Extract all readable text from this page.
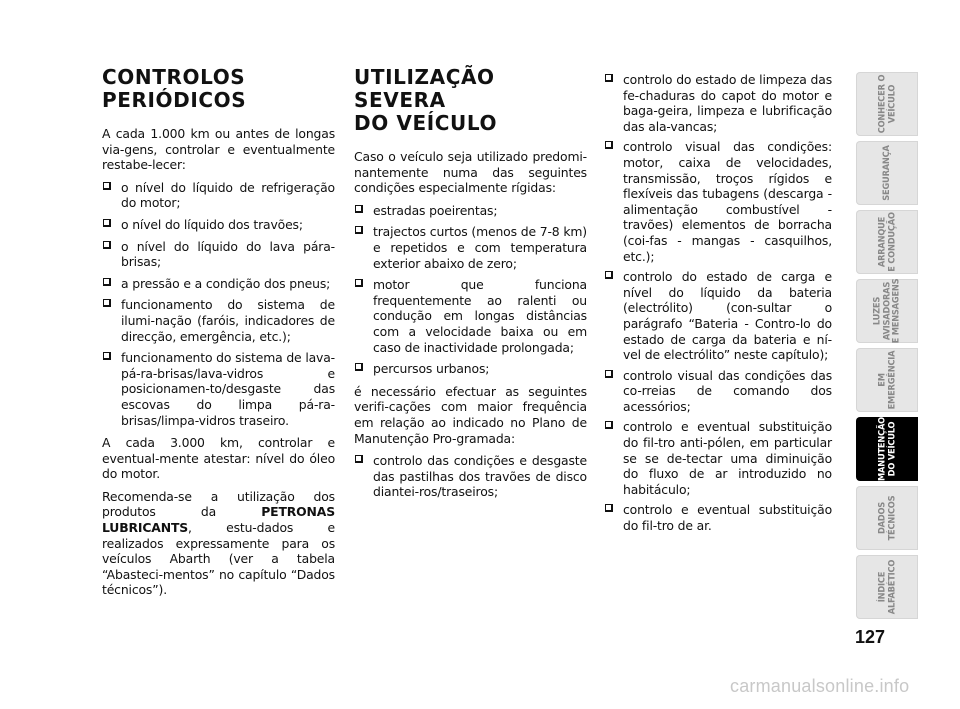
CONTROLOS
PERIÓDICOS

A cada 1.000 km ou antes de longas via-gens, controlar e eventualmente restabe-lecer:

o nível do líquido de refrigeração do motor;
o nível do líquido dos travões;
o nível do líquido do lava pára-brisas;
a pressão e a condição dos pneus;
funcionamento do sistema de ilumi-nação (faróis, indicadores de direcção, emergência, etc.);
funcionamento do sistema de lava-pá-ra-brisas/lava-vidros e posicionamen-to/desgaste das escovas do limpa pá-ra-brisas/limpa-vidros traseiro.

A cada 3.000 km, controlar e eventual-mente atestar: nível do óleo do motor.

Recomenda-se a utilização dos produtos da PETRONAS LUBRICANTS, estu-dados e realizados expressamente para os veículos Abarth (ver a tabela “Abasteci-mentos” no capítulo “Dados técnicos”).

UTILIZAÇÃO SEVERA
DO VEÍCULO

Caso o veículo seja utilizado predomi-nantemente numa das seguintes condições especialmente rígidas:

estradas poeirentas;
trajectos curtos (menos de 7-8 km) e repetidos e com temperatura exterior abaixo de zero;
motor que funciona frequentemente ao ralenti ou condução em longas distâncias com a velocidade baixa ou em caso de inactividade prolongada;
percursos urbanos;

é necessário efectuar as seguintes verifi-cações com maior frequência em relação ao indicado no Plano de Manutenção Pro-gramada:

controlo das condições e desgaste das pastilhas dos travões de disco diantei-ros/traseiros;
controlo do estado de limpeza das fe-chaduras do capot do motor e baga-geira, limpeza e lubrificação das ala-vancas;
controlo visual das condições: motor, caixa de velocidades, transmissão, troços rígidos e flexíveis das tubagens (descarga - alimentação combustível - travões) elementos de borracha (coi-fas - mangas - casquilhos, etc.);
controlo do estado de carga e nível do líquido da bateria (electrólito) (con-sultar o parágrafo “Bateria - Contro-lo do estado de carga da bateria e ní-vel de electrólito” neste capítulo);
controlo visual das condições das co-rreias de comando dos acessórios;
controlo e eventual substituição do fil-tro anti-pólen, em particular se se de-tectar uma diminuição do fluxo de ar introduzido no habitáculo;
controlo e eventual substituição do fil-tro de ar.
CONHECER O
VEÍCULO
SEGURANÇA
ARRANQUE
E CONDUÇÃO
LUZES
AVISADORAS
E MENSAGENS
EM
EMERGÊNCIA
MANUTENÇÃO
DO VEÍCULO
DADOS
TÉCNICOS
ÍNDICE
ALFABÉTICO
127
carmanualsonline.info
